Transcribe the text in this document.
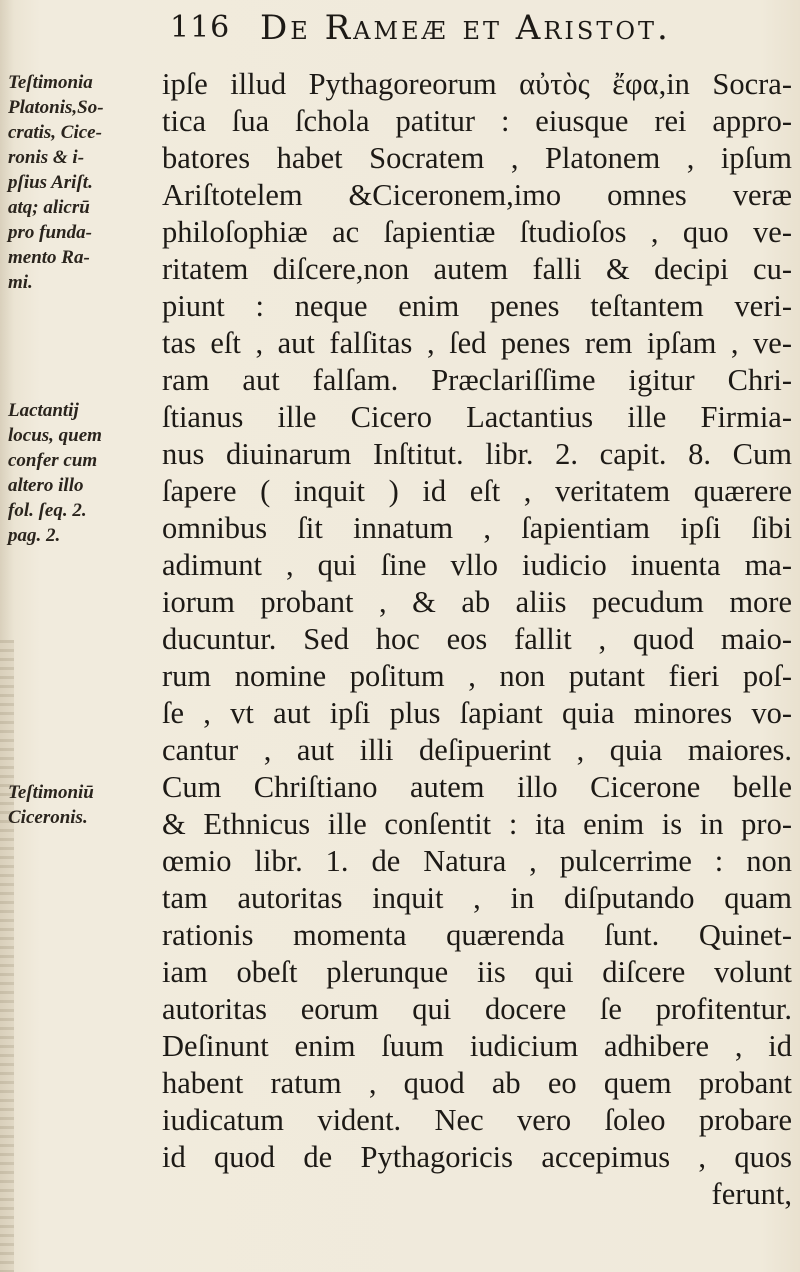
116 De Rameæ et Aristot.
Teſtimonia
Platonis,So-
cratis, Cice-
ronis & i-
pſius Ariſt.
atq; alicrū
pro funda-
mento Ra-
mi.
Lactantij
locus, quem
confer cum
altero illo
fol. ſeq. 2.
pag. 2.
Teſtimoniū
Ciceronis.
ipſe illud Pythagoreorum αὐτὸς ἔφα,in Socra-
tica ſua ſchola patitur : eiusque rei appro-
batores habet Socratem , Platonem , ipſum
Ariſtotelem &Ciceronem,imo omnes veræ
philoſophiæ ac ſapientiæ ſtudioſos , quo ve-
ritatem diſcere,non autem falli & decipi cu-
piunt : neque enim penes teſtantem veri-
tas eſt , aut falſitas , ſed penes rem ipſam , ve-
ram aut falſam. Præclariſſime igitur Chri-
ſtianus ille Cicero Lactantius ille Firmia-
nus diuinarum Inſtitut. libr. 2. capit. 8. Cum
ſapere ( inquit ) id eſt , veritatem quærere
omnibus ſit innatum , ſapientiam ipſi ſibi
adimunt , qui ſine vllo iudicio inuenta ma-
iorum probant , & ab aliis pecudum more
ducuntur. Sed hoc eos fallit , quod maio-
rum nomine poſitum , non putant fieri poſ-
ſe , vt aut ipſi plus ſapiant quia minores vo-
cantur , aut illi deſipuerint , quia maiores.
Cum Chriſtiano autem illo Cicerone belle
& Ethnicus ille conſentit : ita enim is in pro-
œmio libr. 1. de Natura , pulcerrime : non
tam autoritas inquit , in diſputando quam
rationis momenta quærenda ſunt. Quinet-
iam obeſt plerunque iis qui diſcere volunt
autoritas eorum qui docere ſe profitentur.
Deſinunt enim ſuum iudicium adhibere , id
habent ratum , quod ab eo quem probant
iudicatum vident. Nec vero ſoleo probare
id quod de Pythagoricis accepimus , quos
ferunt,
